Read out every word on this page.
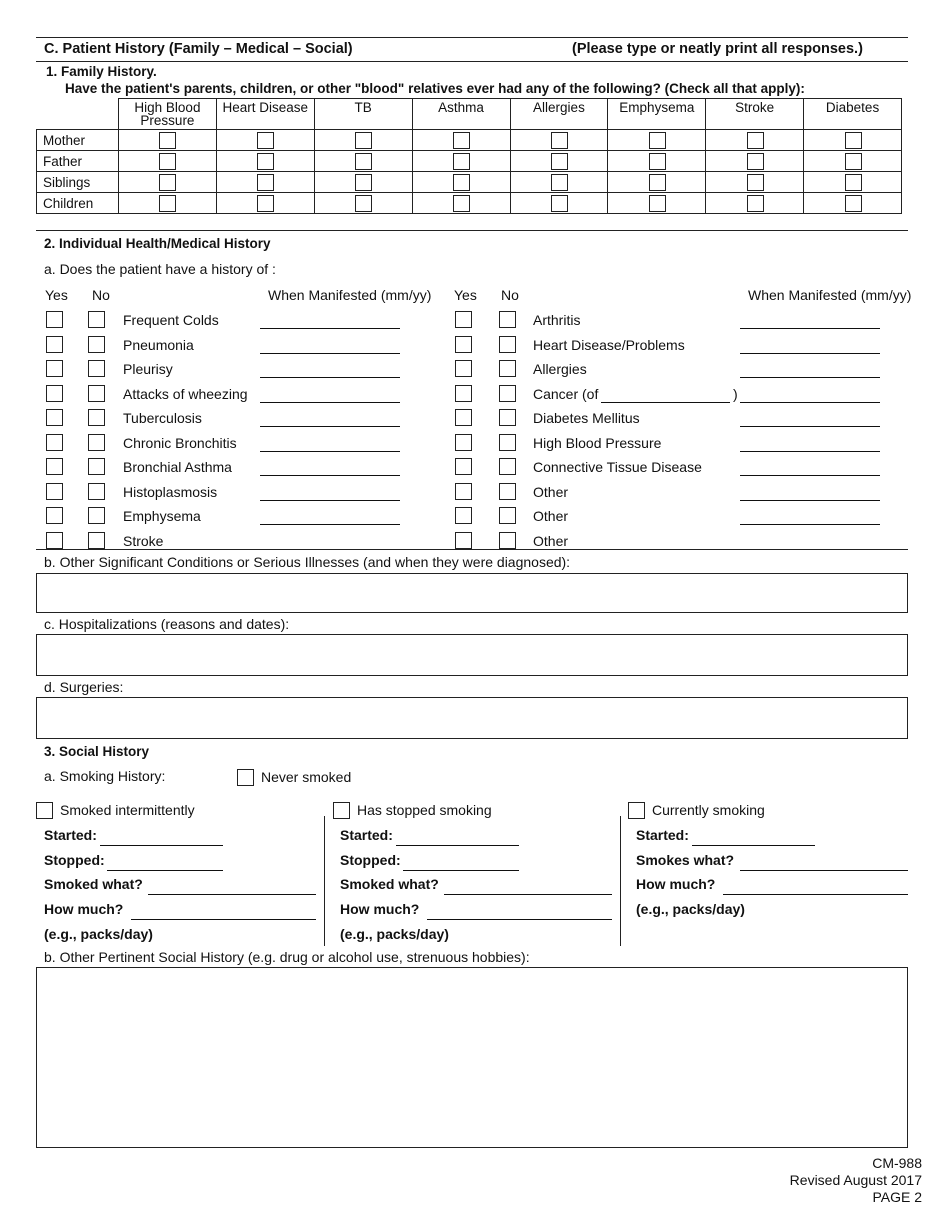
C. Patient History (Family – Medical – Social)	(Please type or neatly print all responses.)
1. Family History.
Have the patient's parents, children, or other "blood" relatives ever had any of the following? (Check all that apply):
	High Blood Pressure	Heart Disease	TB	Asthma	Allergies	Emphysema	Stroke	Diabetes
Mother	

Father	

Siblings	

Children	

2. Individual Health/Medical History
a. Does the patient have a history of :
Yes No	When Manifested (mm/yy) Yes No	When Manifested (mm/yy)
Frequent Colds
Pneumonia
Pleurisy
Attacks of wheezing
Tuberculosis
Chronic Bronchitis
Bronchial Asthma
Histoplasmosis
Emphysema
Stroke
Arthritis
Heart Disease/Problems
Allergies
Cancer (of	)
Diabetes Mellitus
High Blood Pressure
Connective Tissue Disease
Other
Other
Other
b. Other Significant Conditions or Serious Illnesses (and when they were diagnosed):
c. Hospitalizations (reasons and dates):
d. Surgeries:
3. Social History
a. Smoking History:	Never smoked
Smoked intermittently
Started:
Stopped:
Smoked what?
How much?
(e.g., packs/day)
Has stopped smoking
Started:
Stopped:
Smoked what?
How much?
(e.g., packs/day)
Currently smoking
Started:
Smokes what?
How much?
(e.g., packs/day)
b. Other Pertinent Social History (e.g. drug or alcohol use, strenuous hobbies):
CM-988
Revised August 2017
PAGE 2
